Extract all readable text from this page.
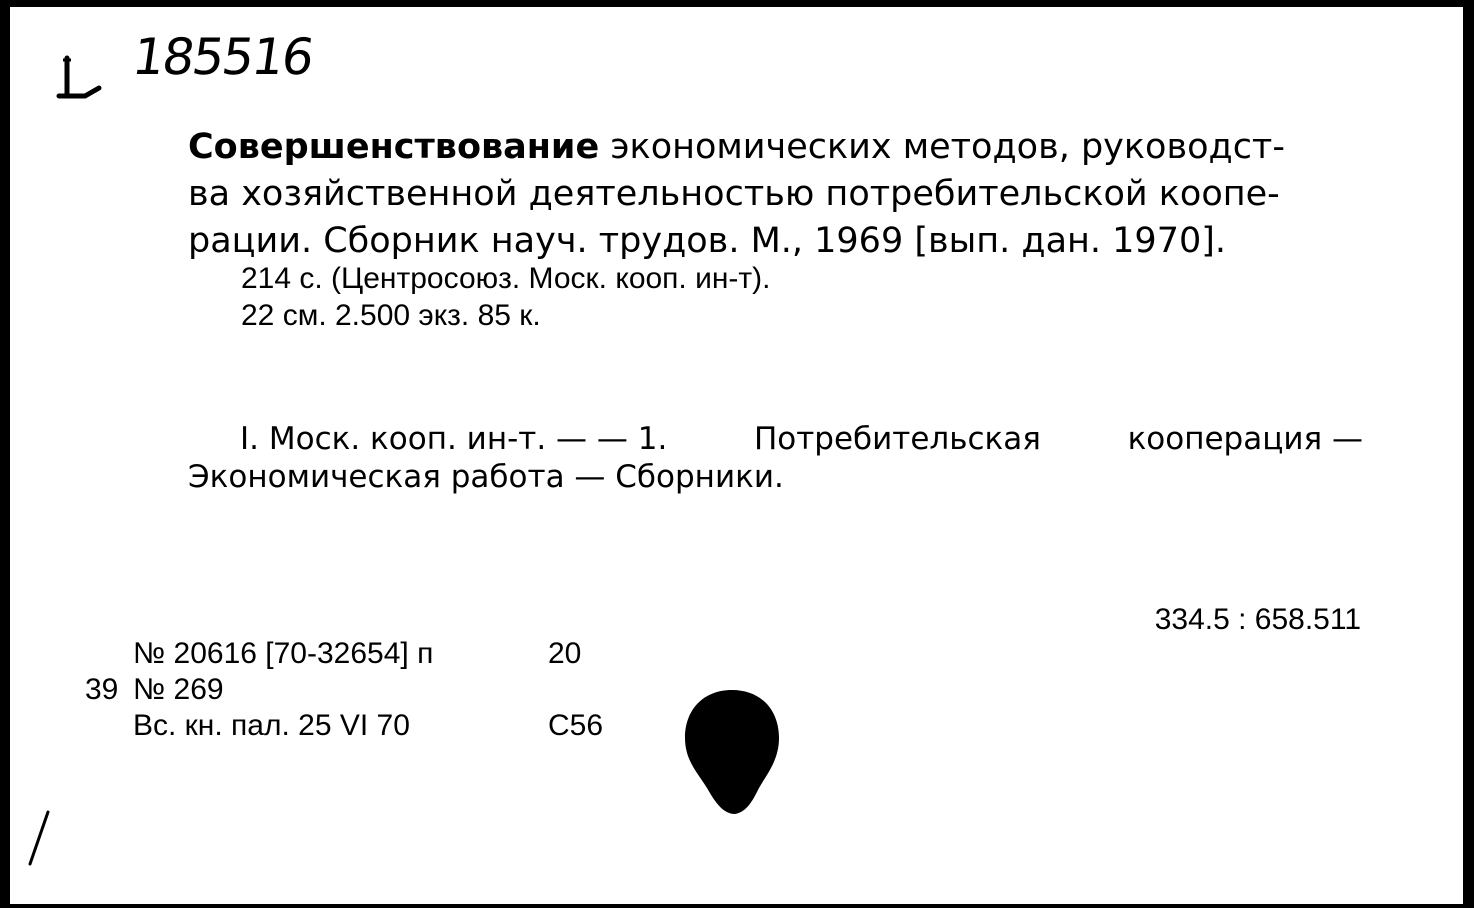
185516
Совершенствование экономических методов, руководст-
ва хозяйственной деятельностью потребительской коопе-
рации. Сборник науч. трудов. М., 1969 [вып. дан. 1970].
214 с. (Центросоюз. Моск. кооп. ин-т).
22 см. 2.500 экз. 85 к.
I. Моск. кооп. ин-т. — — 1.	Потребительская	кооперация —
Экономическая работа — Сборники.
334.5 : 658.511
№ 20616 [70-32654] п	20
39 № 269
Вс. кн. пал. 25 VI 70	С56
